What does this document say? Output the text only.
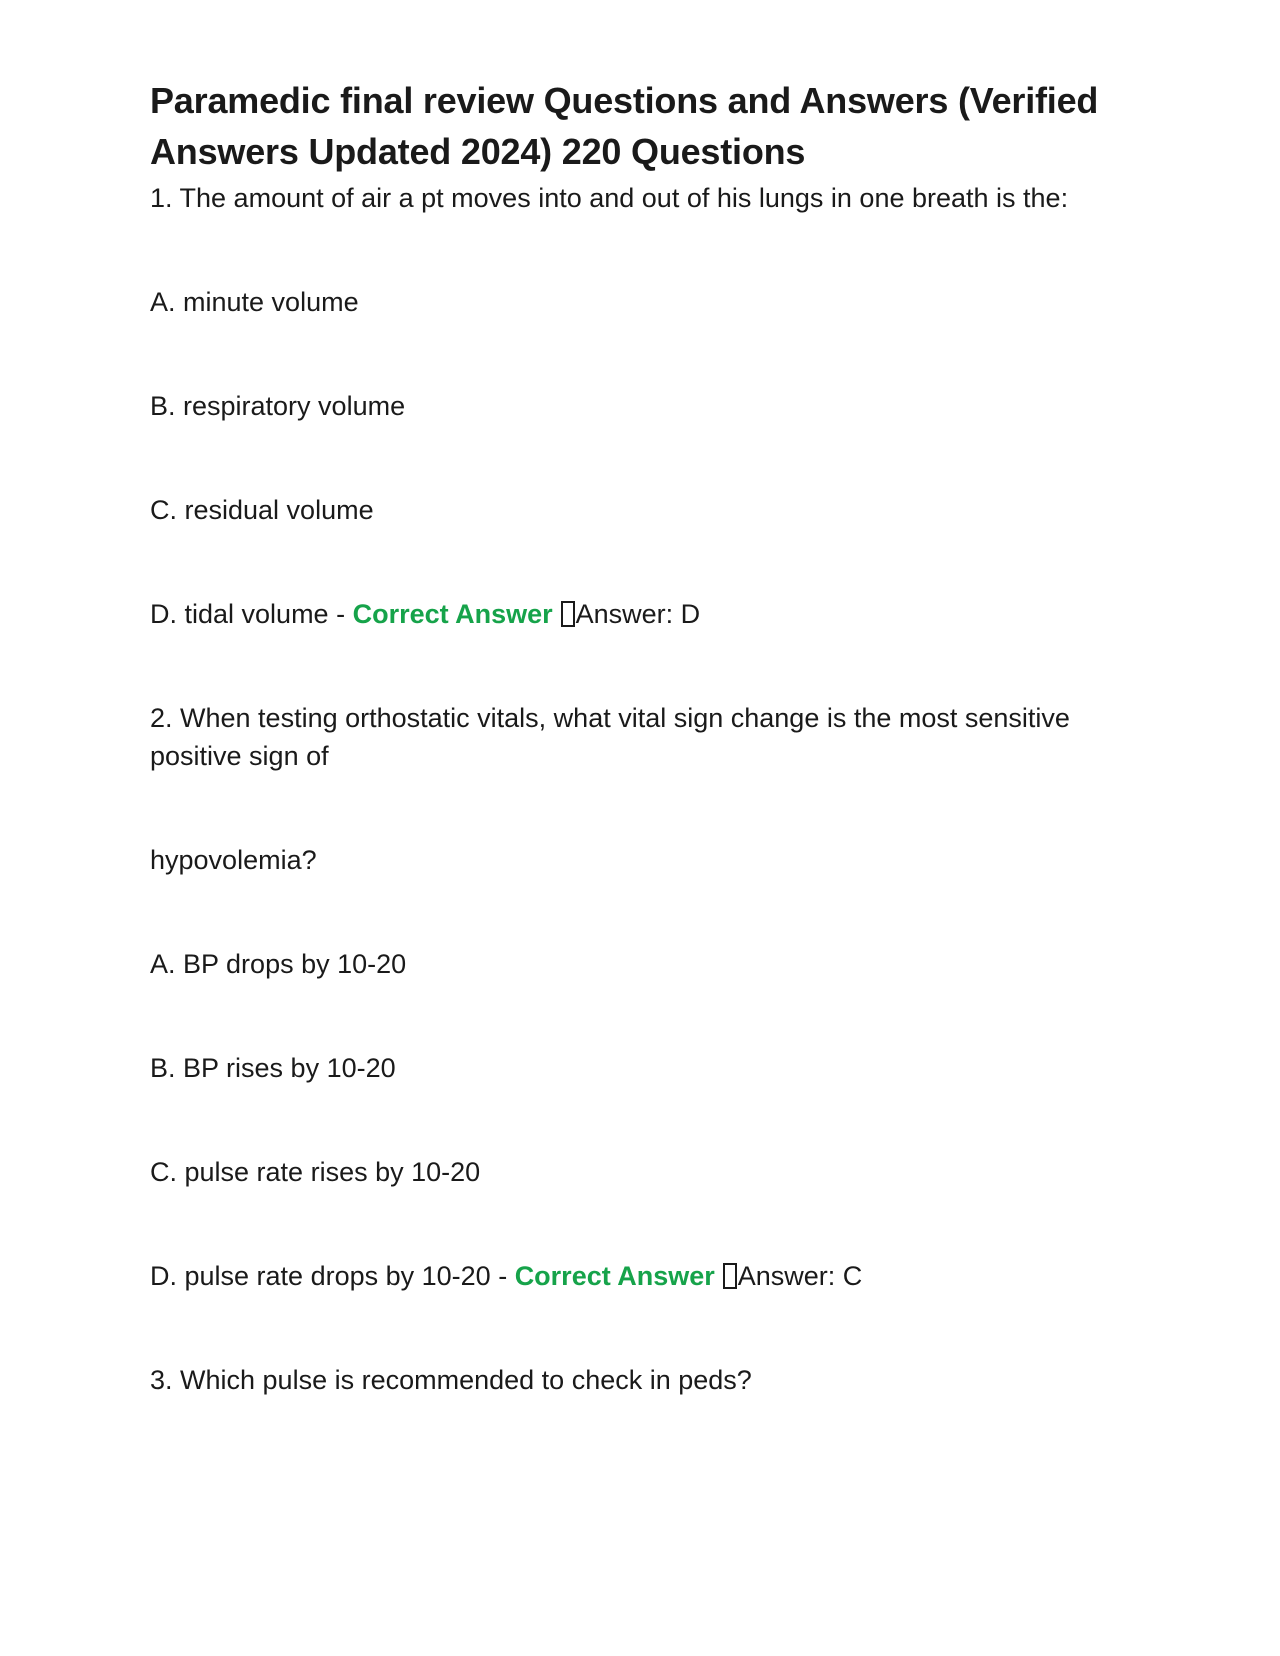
Paramedic final review Questions and Answers (Verified Answers Updated 2024) 220 Questions

1. The amount of air a pt moves into and out of his lungs in one breath is the:

A. minute volume

B. respiratory volume

C. residual volume

D. tidal volume - Correct Answer Answer: D

2. When testing orthostatic vitals, what vital sign change is the most sensitive positive sign of

hypovolemia?

A. BP drops by 10-20

B. BP rises by 10-20

C. pulse rate rises by 10-20

D. pulse rate drops by 10-20 - Correct Answer Answer: C

3. Which pulse is recommended to check in peds?
